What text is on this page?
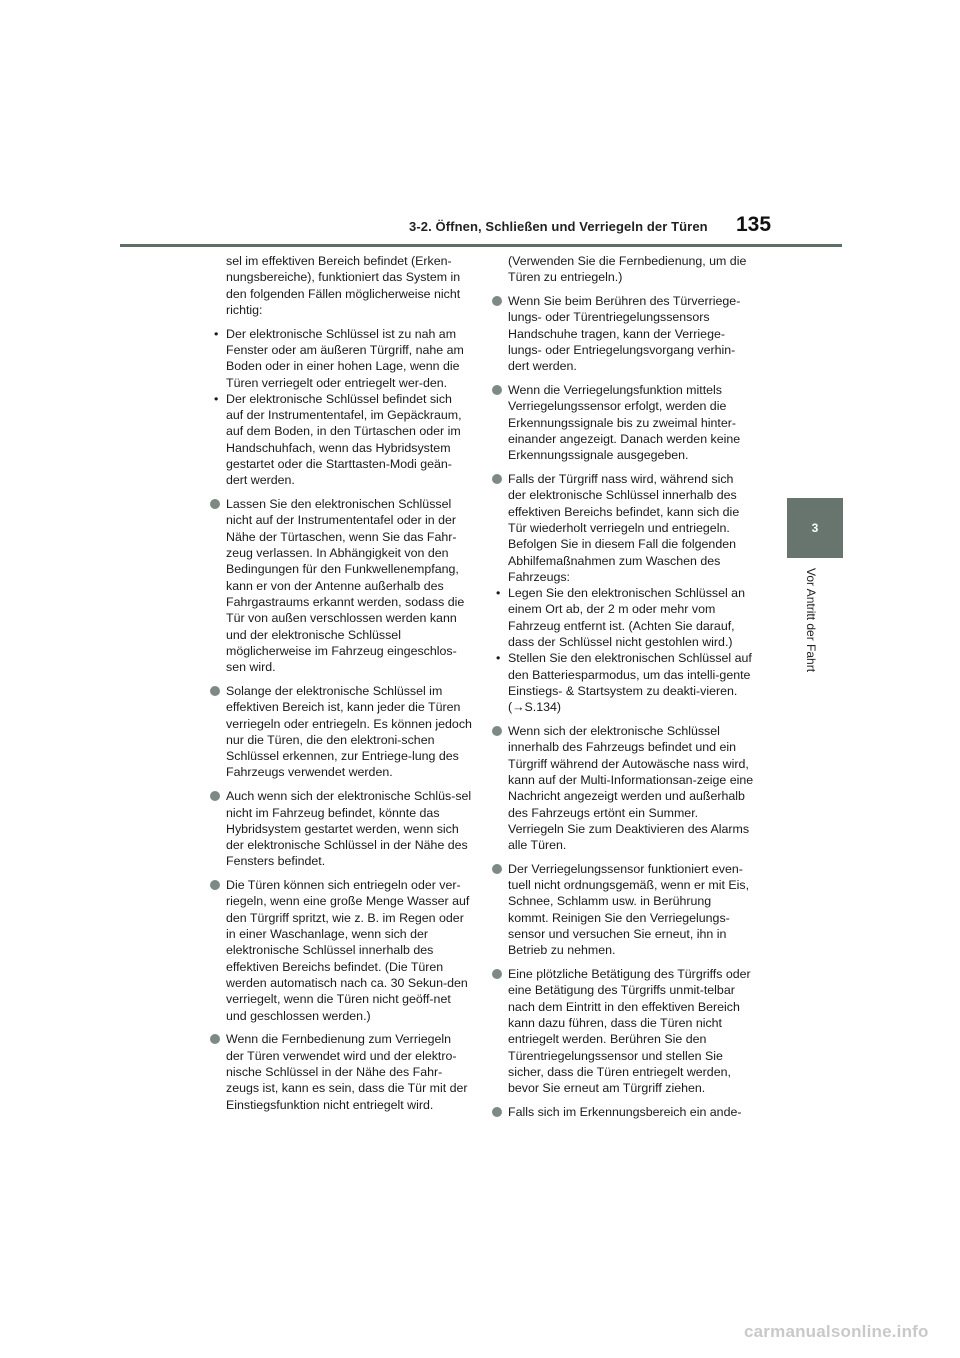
3-2. Öffnen, Schließen und Verriegeln der Türen 135
3
Vor Antritt der Fahrt
sel im effektiven Bereich befindet (Erken-nungsbereiche), funktioniert das System in den folgenden Fällen möglicherweise nicht richtig:
• Der elektronische Schlüssel ist zu nah am Fenster oder am äußeren Türgriff, nahe am Boden oder in einer hohen Lage, wenn die Türen verriegelt oder entriegelt wer-den.
• Der elektronische Schlüssel befindet sich auf der Instrumententafel, im Gepäckraum, auf dem Boden, in den Türtaschen oder im Handschuhfach, wenn das Hybridsystem gestartet oder die Starttasten-Modi geän-dert werden.
Lassen Sie den elektronischen Schlüssel nicht auf der Instrumententafel oder in der Nähe der Türtaschen, wenn Sie das Fahr-zeug verlassen. In Abhängigkeit von den Bedingungen für den Funkwellenempfang, kann er von der Antenne außerhalb des Fahrgastraums erkannt werden, sodass die Tür von außen verschlossen werden kann und der elektronische Schlüssel möglicherweise im Fahrzeug eingeschlos-sen wird.
Solange der elektronische Schlüssel im effektiven Bereich ist, kann jeder die Türen verriegeln oder entriegeln. Es können jedoch nur die Türen, die den elektroni-schen Schlüssel erkennen, zur Entriege-lung des Fahrzeugs verwendet werden.
Auch wenn sich der elektronische Schlüs-sel nicht im Fahrzeug befindet, könnte das Hybridsystem gestartet werden, wenn sich der elektronische Schlüssel in der Nähe des Fensters befindet.
Die Türen können sich entriegeln oder ver-riegeln, wenn eine große Menge Wasser auf den Türgriff spritzt, wie z. B. im Regen oder in einer Waschanlage, wenn sich der elektronische Schlüssel innerhalb des effektiven Bereichs befindet. (Die Türen werden automatisch nach ca. 30 Sekun-den verriegelt, wenn die Türen nicht geöff-net und geschlossen werden.)
Wenn die Fernbedienung zum Verriegeln der Türen verwendet wird und der elektro-nische Schlüssel in der Nähe des Fahr-zeugs ist, kann es sein, dass die Tür mit der Einstiegsfunktion nicht entriegelt wird.
(Verwenden Sie die Fernbedienung, um die Türen zu entriegeln.)
Wenn Sie beim Berühren des Türverriege-lungs- oder Türentriegelungssensors Handschuhe tragen, kann der Verriege-lungs- oder Entriegelungsvorgang verhin-dert werden.
Wenn die Verriegelungsfunktion mittels Verriegelungssensor erfolgt, werden die Erkennungssignale bis zu zweimal hinter-einander angezeigt. Danach werden keine Erkennungssignale ausgegeben.
Falls der Türgriff nass wird, während sich der elektronische Schlüssel innerhalb des effektiven Bereichs befindet, kann sich die Tür wiederholt verriegeln und entriegeln. Befolgen Sie in diesem Fall die folgenden Abhilfemaßnahmen zum Waschen des Fahrzeugs:
• Legen Sie den elektronischen Schlüssel an einem Ort ab, der 2 m oder mehr vom Fahrzeug entfernt ist. (Achten Sie darauf, dass der Schlüssel nicht gestohlen wird.)
• Stellen Sie den elektronischen Schlüssel auf den Batteriesparmodus, um das intelli-gente Einstiegs- & Startsystem zu deakti-vieren. (→S.134)
Wenn sich der elektronische Schlüssel innerhalb des Fahrzeugs befindet und ein Türgriff während der Autowäsche nass wird, kann auf der Multi-Informationsan-zeige eine Nachricht angezeigt werden und außerhalb des Fahrzeugs ertönt ein Summer. Verriegeln Sie zum Deaktivieren des Alarms alle Türen.
Der Verriegelungssensor funktioniert even-tuell nicht ordnungsgemäß, wenn er mit Eis, Schnee, Schlamm usw. in Berührung kommt. Reinigen Sie den Verriegelungs-sensor und versuchen Sie erneut, ihn in Betrieb zu nehmen.
Eine plötzliche Betätigung des Türgriffs oder eine Betätigung des Türgriffs unmit-telbar nach dem Eintritt in den effektiven Bereich kann dazu führen, dass die Türen nicht entriegelt werden. Berühren Sie den Türentriegelungssensor und stellen Sie sicher, dass die Türen entriegelt werden, bevor Sie erneut am Türgriff ziehen.
Falls sich im Erkennungsbereich ein ande-
carmanualsonline.info
